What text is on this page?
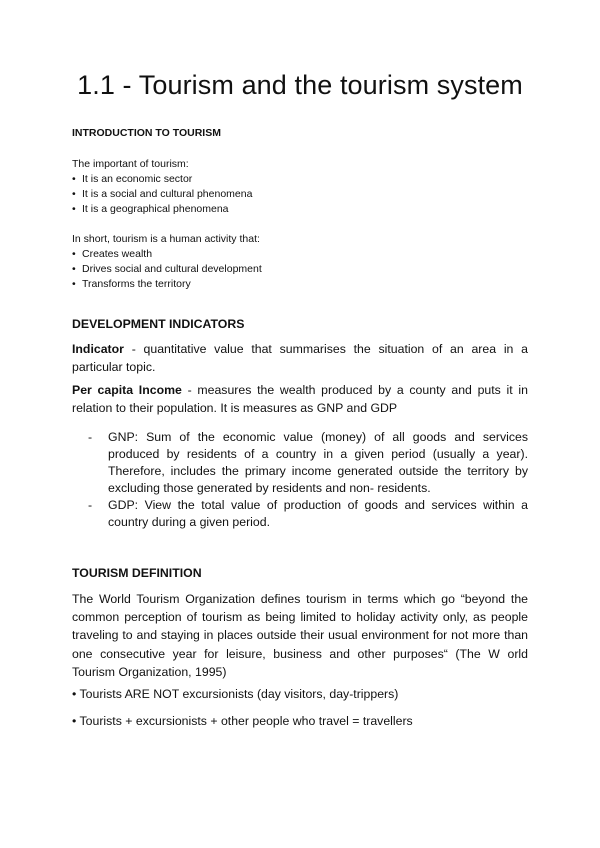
1.1 - Tourism and the tourism system
INTRODUCTION TO TOURISM
The important of tourism:
• It is an economic sector
• It is a social and cultural phenomena
• It is a geographical phenomena
In short, tourism is a human activity that:
• Creates wealth
• Drives social and cultural development
• Transforms the territory
DEVELOPMENT INDICATORS
Indicator - quantitative value that summarises the situation of an area in a particular topic.
Per capita Income - measures the wealth produced by a county and puts it in relation to their population. It is measures as GNP and GDP
- GNP: Sum of the economic value (money) of all goods and services produced by residents of a country in a given period (usually a year). Therefore, includes the primary income generated outside the territory by excluding those generated by residents and non- residents.
- GDP: View the total value of production of goods and services within a country during a given period.
TOURISM DEFINITION
The World Tourism Organization defines tourism in terms which go “beyond the common perception of tourism as being limited to holiday activity only, as people traveling to and staying in places outside their usual environment for not more than one consecutive year for leisure, business and other purposes“ (The W orld Tourism Organization, 1995)
• Tourists ARE NOT excursionists (day visitors, day-trippers)
• Tourists + excursionists + other people who travel = travellers
